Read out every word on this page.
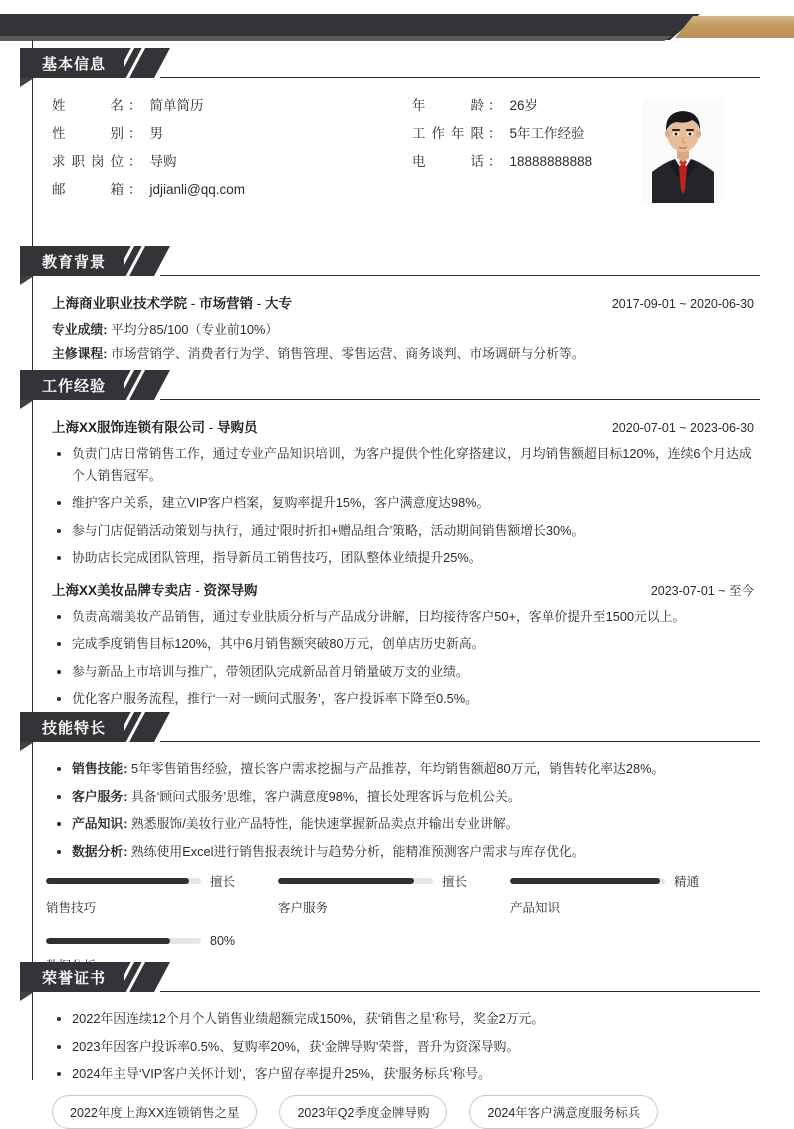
基本信息
姓名 ： 简单简历
性别 ： 男
求职岗位 ： 导购
邮箱 ： jdjianli@qq.com
年龄 ： 26岁
工作年限 ： 5年工作经验
电话 ： 18888888888
教育背景
上海商业职业技术学院 - 市场营销 - 大专	2017-09-01 ~ 2020-06-30
专业成绩: 平均分85/100（专业前10%）
主修课程: 市场营销学、消费者行为学、销售管理、零售运营、商务谈判、市场调研与分析等。
工作经验
上海XX服饰连锁有限公司 - 导购员	2020-07-01 ~ 2023-06-30
负责门店日常销售工作，通过专业产品知识培训，为客户提供个性化穿搭建议，月均销售额超目标120%，连续6个月达成个人销售冠军。
维护客户关系，建立VIP客户档案，复购率提升15%，客户满意度达98%。
参与门店促销活动策划与执行，通过‘限时折扣+赠品组合’策略，活动期间销售额增长30%。
协助店长完成团队管理，指导新员工销售技巧，团队整体业绩提升25%。
上海XX美妆品牌专卖店 - 资深导购	2023-07-01 ~ 至今
负责高端美妆产品销售，通过专业肤质分析与产品成分讲解，日均接待客户50+，客单价提升至1500元以上。
完成季度销售目标120%，其中6月销售额突破80万元，创单店历史新高。
参与新品上市培训与推广，带领团队完成新品首月销量破万支的业绩。
优化客户服务流程，推行‘一对一顾问式服务’，客户投诉率下降至0.5%。
技能特长
销售技能: 5年零售销售经验，擅长客户需求挖掘与产品推荐，年均销售额超80万元，销售转化率达28%。
客户服务: 具备‘顾问式服务’思维，客户满意度98%，擅长处理客诉与危机公关。
产品知识: 熟悉服饰/美妆行业产品特性，能快速掌握新品卖点并输出专业讲解。
数据分析: 熟练使用Excel进行销售报表统计与趋势分析，能精准预测客户需求与库存优化。
擅长
销售技巧
擅长
客户服务
精通
产品知识
80%
荣誉证书
2022年因连续12个月个人销售业绩超额完成150%，获‘销售之星’称号，奖金2万元。
2023年因客户投诉率0.5%、复购率20%，获‘金牌导购’荣誉，晋升为资深导购。
2024年主导‘VIP客户关怀计划’，客户留存率提升25%，获‘服务标兵’称号。
2022年度上海XX连锁销售之星	2023年Q2季度金牌导购	2024年客户满意度服务标兵
